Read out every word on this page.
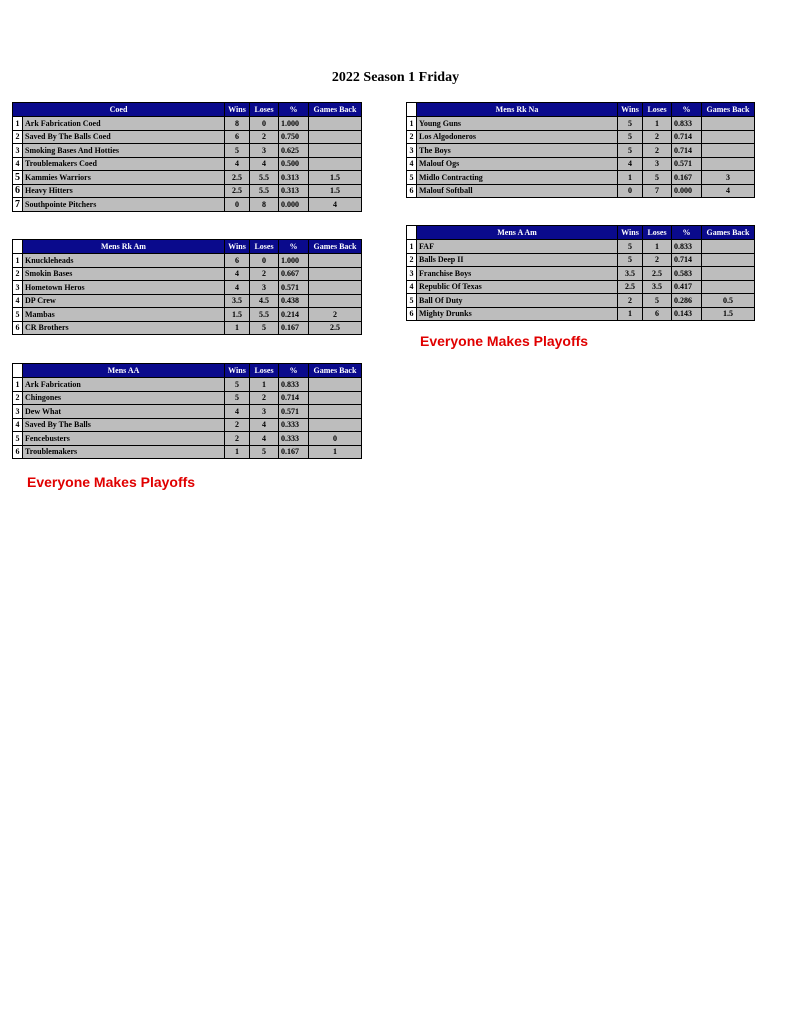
2022 Season 1 Friday
Coed		Wins	Loses	%	Games Back
1	Ark Fabrication Coed	8	0	1.000	
2	Saved By The Balls Coed	6	2	0.750	
3	Smoking Bases And Hotties	5	3	0.625	
4	Troublemakers Coed	4	4	0.500	
5	Kammies Warriors	2.5	5.5	0.313	1.5
6	Heavy Hitters	2.5	5.5	0.313	1.5
7	Southpointe Pitchers	0	8	0.000	4
	Mens Rk Am	Wins	Loses	%	Games Back
1	Knuckleheads	6	0	1.000	
2	Smokin Bases	4	2	0.667	
3	Hometown Heros	4	3	0.571	
4	DP Crew	3.5	4.5	0.438	
5	Mambas	1.5	5.5	0.214	2
6	CR Brothers	1	5	0.167	2.5
	Mens AA	Wins	Loses	%	Games Back
1	Ark Fabrication	5	1	0.833	
2	Chingones	5	2	0.714	
3	Dew What	4	3	0.571	
4	Saved By The Balls	2	4	0.333	
5	Fencebusters	2	4	0.333	0
6	Troublemakers	1	5	0.167	1
	Mens Rk Na	Wins	Loses	%	Games Back
1	Young Guns	5	1	0.833	
2	Los Algodoneros	5	2	0.714	
3	The Boys	5	2	0.714	
4	Malouf Ogs	4	3	0.571	
5	Midlo Contracting	1	5	0.167	3
6	Malouf Softball	0	7	0.000	4
	Mens A Am	Wins	Loses	%	Games Back
1	FAF	5	1	0.833	
2	Balls Deep II	5	2	0.714	
3	Franchise Boys	3.5	2.5	0.583	
4	Republic Of Texas	2.5	3.5	0.417	
5	Ball Of Duty	2	5	0.286	0.5
6	Mighty Drunks	1	6	0.143	1.5
Everyone Makes Playoffs
Everyone Makes Playoffs
